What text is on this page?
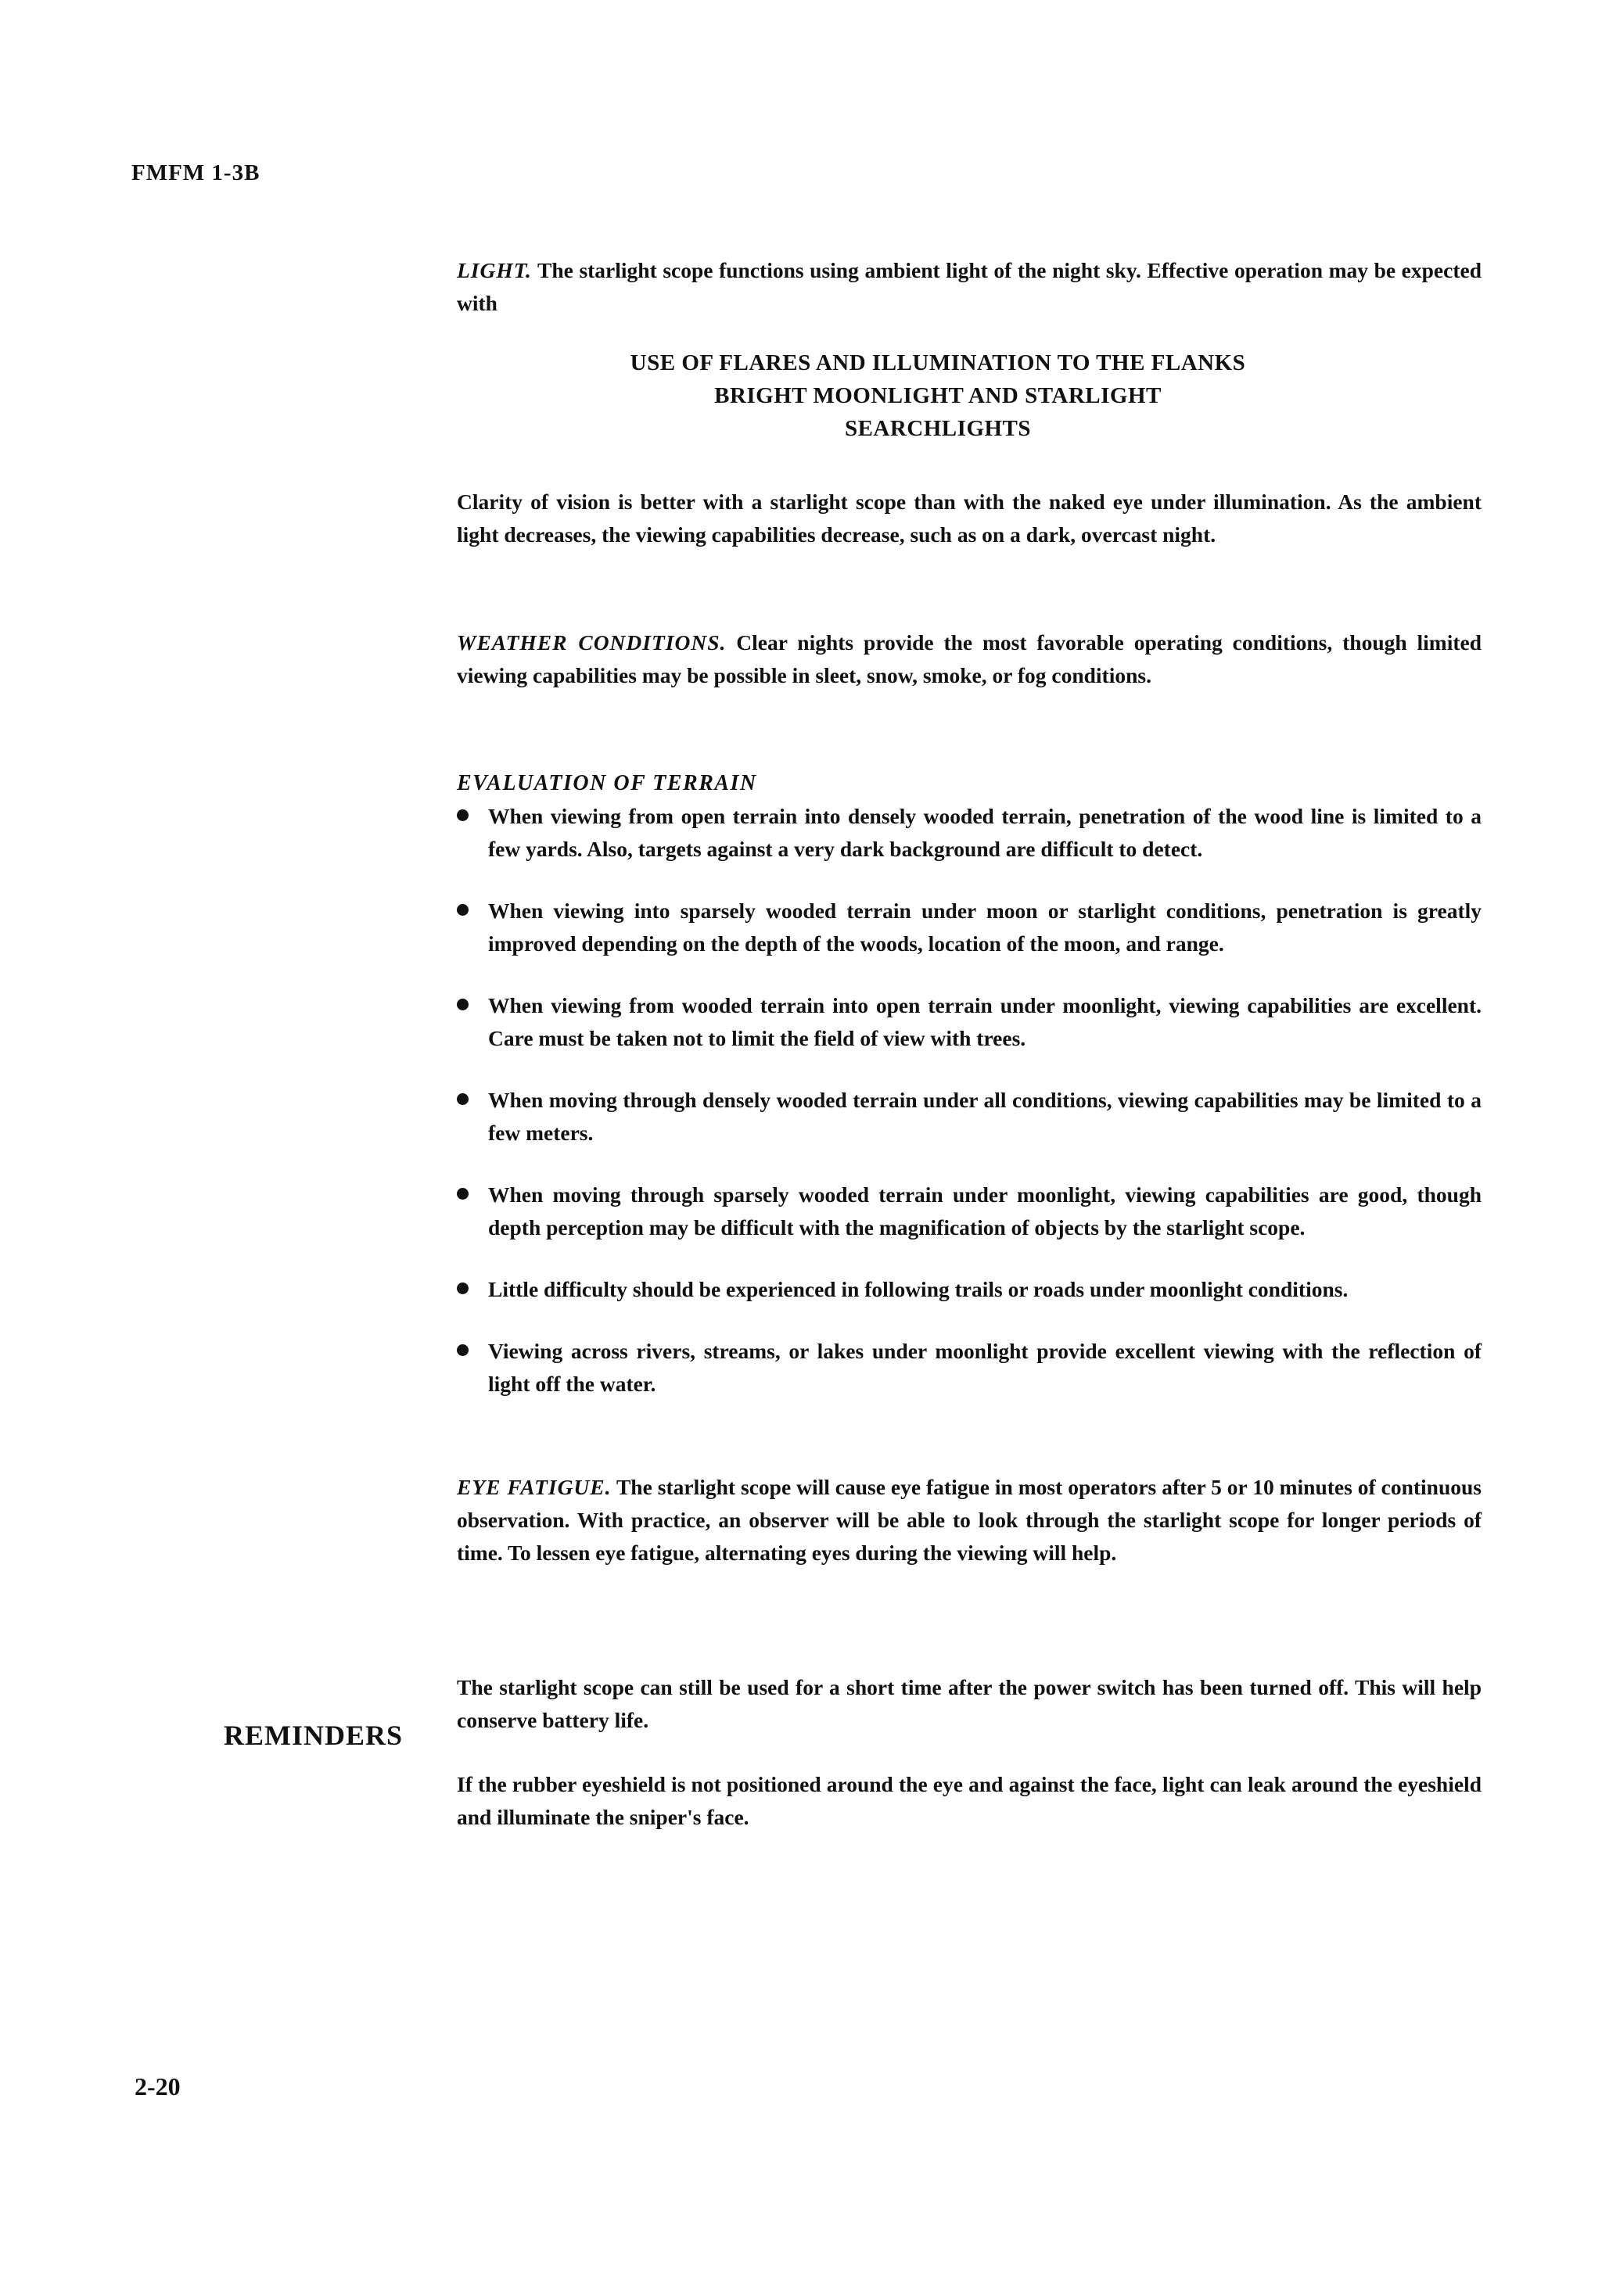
FMFM 1-3B

LIGHT. The starlight scope functions using ambient light of the night sky. Effective operation may be expected with

USE OF FLARES AND ILLUMINATION TO THE FLANKS
BRIGHT MOONLIGHT AND STARLIGHT
SEARCHLIGHTS

Clarity of vision is better with a starlight scope than with the naked eye under illumination. As the ambient light decreases, the viewing capabilities decrease, such as on a dark, overcast night.

WEATHER CONDITIONS. Clear nights provide the most favorable operating conditions, though limited viewing capabilities may be possible in sleet, snow, smoke, or fog conditions.

EVALUATION OF TERRAIN

When viewing from open terrain into densely wooded terrain, penetration of the wood line is limited to a few yards. Also, targets against a very dark background are difficult to detect.
When viewing into sparsely wooded terrain under moon or starlight conditions, penetration is greatly improved depending on the depth of the woods, location of the moon, and range.
When viewing from wooded terrain into open terrain under moonlight, viewing capabilities are excellent. Care must be taken not to limit the field of view with trees.
When moving through densely wooded terrain under all conditions, viewing capabilities may be limited to a few meters.
When moving through sparsely wooded terrain under moonlight, viewing capabilities are good, though depth perception may be difficult with the magnification of objects by the starlight scope.
Little difficulty should be experienced in following trails or roads under moonlight conditions.
Viewing across rivers, streams, or lakes under moonlight provide excellent viewing with the reflection of light off the water.

EYE FATIGUE. The starlight scope will cause eye fatigue in most operators after 5 or 10 minutes of continuous observation. With practice, an observer will be able to look through the starlight scope for longer periods of time. To lessen eye fatigue, alternating eyes during the viewing will help.

The starlight scope can still be used for a short time after the power switch has been turned off. This will help conserve battery life.

If the rubber eyeshield is not positioned around the eye and against the face, light can leak around the eyeshield and illuminate the sniper's face.

REMINDERS
2-20
